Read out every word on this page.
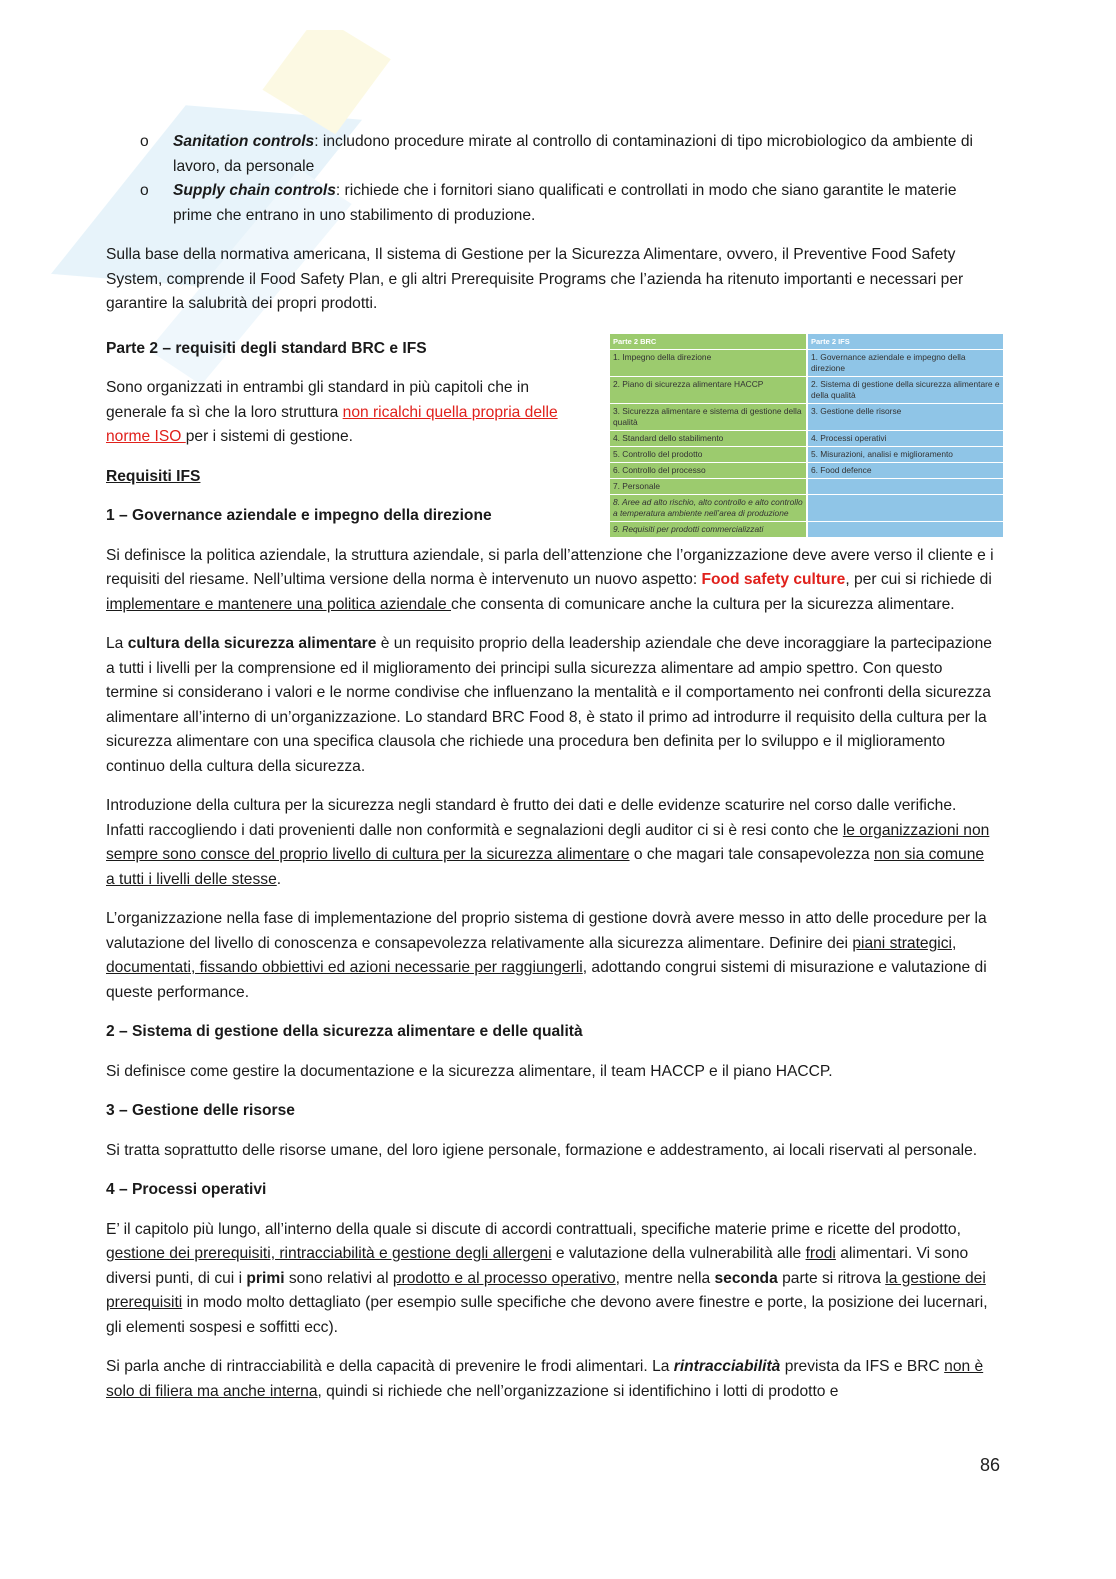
o Sanitation controls: includono procedure mirate al controllo di contaminazioni di tipo microbiologico da ambiente di lavoro, da personale
o Supply chain controls: richiede che i fornitori siano qualificati e controllati in modo che siano garantite le materie prime che entrano in uno stabilimento di produzione.

Sulla base della normativa americana, Il sistema di Gestione per la Sicurezza Alimentare, ovvero, il Preventive Food Safety System, comprende il Food Safety Plan, e gli altri Prerequisite Programs che l’azienda ha ritenuto importanti e necessari per garantire la salubrità dei propri prodotti.

Parte 2 – requisiti degli standard BRC e IFS

Sono organizzati in entrambi gli standard in più capitoli che in generale fa sì che la loro struttura non ricalchi quella propria delle norme ISO per i sistemi di gestione.

Requisiti IFS

1 – Governance aziendale e impegno della direzione

Si definisce la politica aziendale, la struttura aziendale, si parla dell’attenzione che l’organizzazione deve avere verso il cliente e i requisiti del riesame. Nell’ultima versione della norma è intervenuto un nuovo aspetto: Food safety culture, per cui si richiede di implementare e mantenere una politica aziendale che consenta di comunicare anche la cultura per la sicurezza alimentare.

La cultura della sicurezza alimentare è un requisito proprio della leadership aziendale che deve incoraggiare la partecipazione a tutti i livelli per la comprensione ed il miglioramento dei principi sulla sicurezza alimentare ad ampio spettro. Con questo termine si considerano i valori e le norme condivise che influenzano la mentalità e il comportamento nei confronti della sicurezza alimentare all’interno di un’organizzazione. Lo standard BRC Food 8, è stato il primo ad introdurre il requisito della cultura per la sicurezza alimentare con una specifica clausola che richiede una procedura ben definita per lo sviluppo e il miglioramento continuo della cultura della sicurezza.

Introduzione della cultura per la sicurezza negli standard è frutto dei dati e delle evidenze scaturire nel corso dalle verifiche. Infatti raccogliendo i dati provenienti dalle non conformità e segnalazioni degli auditor ci si è resi conto che le organizzazioni non sempre sono consce del proprio livello di cultura per la sicurezza alimentare o che magari tale consapevolezza non sia comune a tutti i livelli delle stesse.

L’organizzazione nella fase di implementazione del proprio sistema di gestione dovrà avere messo in atto delle procedure per la valutazione del livello di conoscenza e consapevolezza relativamente alla sicurezza alimentare. Definire dei piani strategici, documentati, fissando obbiettivi ed azioni necessarie per raggiungerli, adottando congrui sistemi di misurazione e valutazione di queste performance.

2 – Sistema di gestione della sicurezza alimentare e delle qualità

Si definisce come gestire la documentazione e la sicurezza alimentare, il team HACCP e il piano HACCP.

3 – Gestione delle risorse

Si tratta soprattutto delle risorse umane, del loro igiene personale, formazione e addestramento, ai locali riservati al personale.

4 – Processi operativi

E’ il capitolo più lungo, all’interno della quale si discute di accordi contrattuali, specifiche materie prime e ricette del prodotto, gestione dei prerequisiti, rintracciabilità e gestione degli allergeni e valutazione della vulnerabilità alle frodi alimentari. Vi sono diversi punti, di cui i primi sono relativi al prodotto e al processo operativo, mentre nella seconda parte si ritrova la gestione dei prerequisiti in modo molto dettagliato (per esempio sulle specifiche che devono avere finestre e porte, la posizione dei lucernari, gli elementi sospesi e soffitti ecc).

Si parla anche di rintracciabilità e della capacità di prevenire le frodi alimentari. La rintracciabilità prevista da IFS e BRC non è solo di filiera ma anche interna, quindi si richiede che nell’organizzazione si identifichino i lotti di prodotto e

Parte 2 BRC	Parte 2 IFS
1. Impegno della direzione	1. Governance aziendale e impegno della direzione
2. Piano di sicurezza alimentare HACCP	2. Sistema di gestione della sicurezza alimentare e della qualità
3. Sicurezza alimentare e sistema di gestione della qualità	3. Gestione delle risorse
4. Standard dello stabilimento	4. Processi operativi
5. Controllo del prodotto	5. Misurazioni, analisi e miglioramento
6. Controllo del processo	6. Food defence
7. Personale	
8. Aree ad alto rischio, alto controllo e alto controllo a temperatura ambiente nell’area di produzione	
9. Requisiti per prodotti commercializzati	
86
